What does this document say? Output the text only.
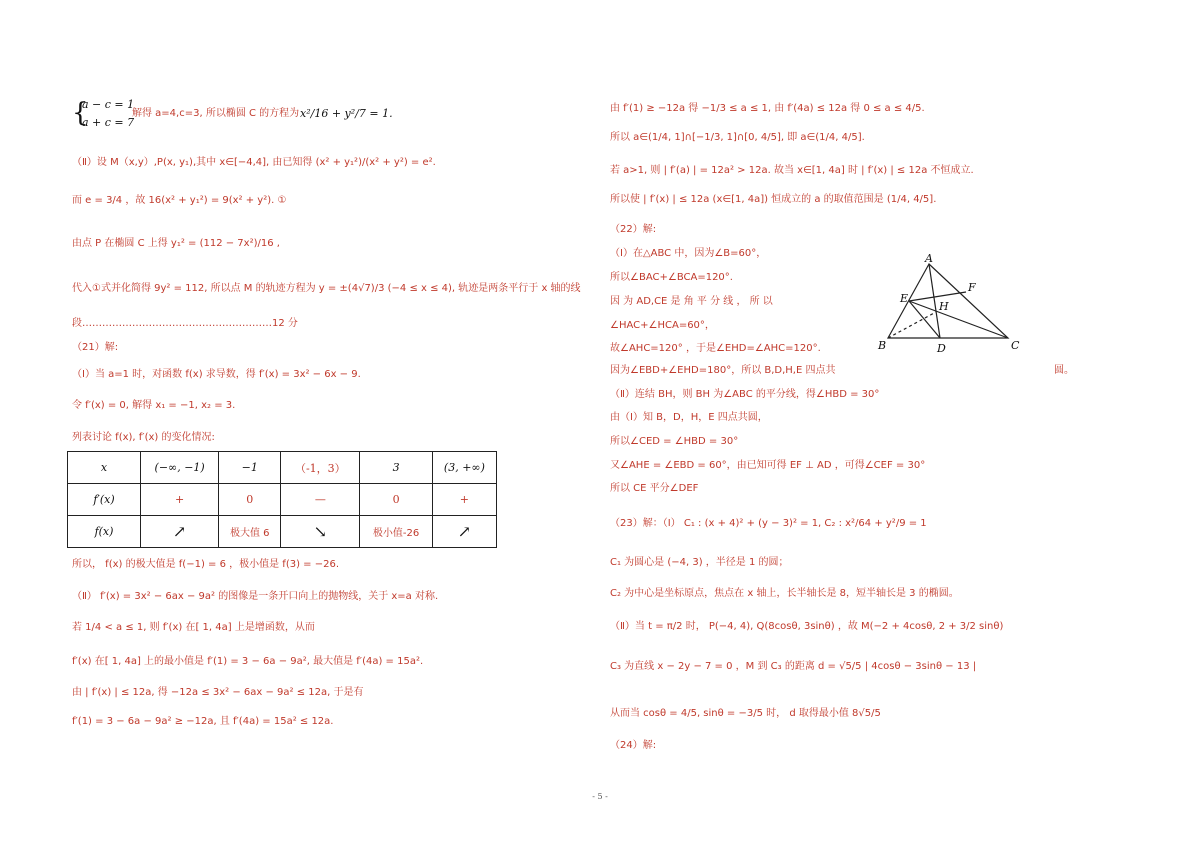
{
a − c = 1
a + c = 7
解得 a=4,c=3, 所以椭圆 C 的方程为 x²/16 + y²/7 = 1.
（Ⅱ）设 M（x,y）,P(x, y₁),其中 x∈[−4,4], 由已知得 (x² + y₁²)/(x² + y²) = e².
而 e = 3/4 ，故 16(x² + y₁²) = 9(x² + y²). ①
由点 P 在椭圆 C 上得 y₁² = (112 − 7x²)/16 ,
代入①式并化简得 9y² = 112, 所以点 M 的轨迹方程为 y = ±(4√7)/3 (−4 ≤ x ≤ 4), 轨迹是两条平行于 x 轴的线
段…………………………………………………12 分
（21）解:
（Ⅰ）当 a=1 时，对函数 f(x) 求导数，得 f′(x) = 3x² − 6x − 9.
令 f′(x) = 0, 解得 x₁ = −1, x₂ = 3.
列表讨论 f(x), f′(x) 的变化情况:
x	(−∞, −1)	−1	（-1，3）	3	(3, +∞)
f′(x)	+	0	—	0	+
f(x)	↗	极大值 6	↘	极小值-26	↗
所以， f(x) 的极大值是 f(−1) = 6 ，极小值是 f(3) = −26.
（Ⅱ） f′(x) = 3x² − 6ax − 9a² 的图像是一条开口向上的抛物线，关于 x=a 对称.
若 1/4 < a ≤ 1, 则 f′(x) 在[ 1, 4a] 上是增函数，从而
f′(x) 在[ 1, 4a] 上的最小值是 f′(1) = 3 − 6a − 9a², 最大值是 f′(4a) = 15a².
由 | f′(x) | ≤ 12a, 得 −12a ≤ 3x² − 6ax − 9a² ≤ 12a, 于是有
f′(1) = 3 − 6a − 9a² ≥ −12a, 且 f′(4a) = 15a² ≤ 12a.
由 f′(1) ≥ −12a 得 −1/3 ≤ a ≤ 1, 由 f′(4a) ≤ 12a 得 0 ≤ a ≤ 4/5.
所以 a∈(1/4, 1]∩[−1/3, 1]∩[0, 4/5], 即 a∈(1/4, 4/5].
若 a>1, 则 | f′(a) | = 12a² > 12a. 故当 x∈[1, 4a] 时 | f′(x) | ≤ 12a 不恒成立.
所以使 | f′(x) | ≤ 12a (x∈[1, 4a]) 恒成立的 a 的取值范围是 (1/4, 4/5].
（22）解:
（Ⅰ）在△ABC 中，因为∠B=60°，
所以∠BAC+∠BCA=120°.
因 为 AD,CE 是 角 平 分 线 ， 所 以
∠HAC+∠HCA=60°，
故∠AHC=120° ，于是∠EHD=∠AHC=120°.
因为∠EBD+∠EHD=180°，所以 B,D,H,E 四点共	圆。
（Ⅱ）连结 BH，则 BH 为∠ABC 的平分线，得∠HBD = 30°
由（Ⅰ）知 B，D，H，E 四点共圆，
所以∠CED = ∠HBD = 30°
又∠AHE = ∠EBD = 60°，由已知可得 EF ⊥ AD ，可得∠CEF = 30°
所以 CE 平分∠DEF
（23）解：（Ⅰ） C₁ : (x + 4)² + (y − 3)² = 1, C₂ : x²/64 + y²/9 = 1
C₁ 为圆心是 (−4, 3) ，半径是 1 的圆；
C₂ 为中心是坐标原点，焦点在 x 轴上，长半轴长是 8，短半轴长是 3 的椭圆。
（Ⅱ）当 t = π/2 时， P(−4, 4), Q(8cosθ, 3sinθ) ，故 M(−2 + 4cosθ, 2 + 3/2 sinθ)
C₃ 为直线 x − 2y − 7 = 0 ，M 到 C₃ 的距离 d = √5/5 | 4cosθ − 3sinθ − 13 |
从而当 cosθ = 4/5, sinθ = −3/5 时， d 取得最小值 8√5/5
（24）解:
A
B	C
D
E
F
H
- 5 -
